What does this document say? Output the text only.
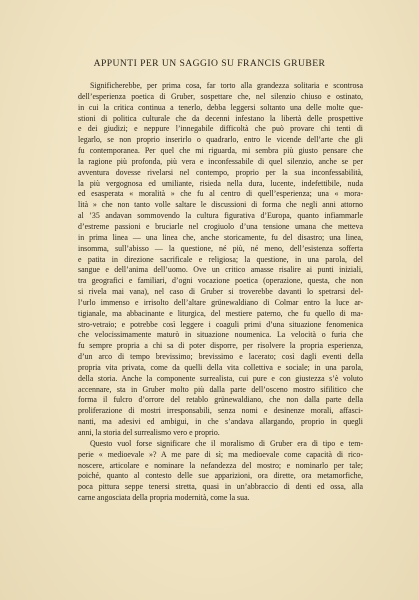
APPUNTI PER UN SAGGIO SU FRANCIS GRUBER
Significherebbe, per prima cosa, far torto alla grandezza solitaria e scontrosa
dell’esperienza poetica di Gruber, sospettare che, nel silenzio chiuso e ostinato,
in cui la critica continua a tenerlo, debba leggersi soltanto una delle molte que-
stioni di politica culturale che da decenni infestano la libertà delle prospettive
e dei giudizi; e neppure l’innegabile difficoltà che può provare chi tenti di
legarlo, se non proprio inserirlo o quadrarlo, entro le vicende dell’arte che gli
fu contemporanea. Per quel che mi riguarda, mi sembra più giusto pensare che
la ragione più profonda, più vera e inconfessabile di quel silenzio, anche se per
avventura dovesse rivelarsi nel contempo, proprio per la sua inconfessabilità,
la più vergognosa ed umiliante, risieda nella dura, lucente, indefettibile, nuda
ed esasperata « moralità » che fu al centro di quell’esperienza; una « mora-
lità » che non tanto volle saltare le discussioni di forma che negli anni attorno
al ’35 andavan sommovendo la cultura figurativa d’Europa, quanto infiammarle
d’estreme passioni e bruciarle nel crogiuolo d’una tensione umana che metteva
in prima linea — una linea che, anche storicamente, fu del disastro; una linea,
insomma, sull’abisso — la questione, né più, né meno, dell’esistenza sofferta
e patita in direzione sacrificale e religiosa; la questione, in una parola, del
sangue e dell’anima dell’uomo. Ove un critico amasse risalire ai punti iniziali,
tra geografici e familiari, d’ogni vocazione poetica (operazione, questa, che non
si rivela mai vana), nel caso di Gruber si troverebbe davanti lo spetrarsi del-
l’urlo immenso e irrisolto dell’altare grünewaldiano di Colmar entro la luce ar-
tigianale, ma abbacinante e liturgica, del mestiere paterno, che fu quello di ma-
stro-vetraio; e potrebbe così leggere i coaguli primi d’una situazione fenomenica
che velocissimamente maturò in situazione noumenica. La velocità o furia che
fu sempre propria a chi sa di poter disporre, per risolvere la propria esperienza,
d’un arco di tempo brevissimo; brevissimo e lacerato; così dagli eventi della
propria vita privata, come da quelli della vita collettiva e sociale; in una parola,
della storia. Anche la componente surrealista, cui pure e con giustezza s’è voluto
accennare, sta in Gruber molto più dalla parte dell’osceno mostro sifilitico che
forma il fulcro d’orrore del retablo grünewaldiano, che non dalla parte della
proliferazione di mostri irresponsabili, senza nomi e desinenze morali, affasci-
nanti, ma adesivi ed ambigui, in che s’andava allargando, proprio in quegli
anni, la storia del surrealismo vero e proprio.
Questo vuol forse significare che il moralismo di Gruber era di tipo e tem-
perie « medioevale »? A me pare di sì; ma medioevale come capacità di rico-
noscere, articolare e nominare la nefandezza del mostro; e nominarlo per tale;
poiché, quanto al contesto delle sue apparizioni, ora dirette, ora metamorfiche,
poca pittura seppe tenersi stretta, quasi in un’abbraccio di denti ed ossa, alla
carne angosciata della propria modernità, come la sua.
